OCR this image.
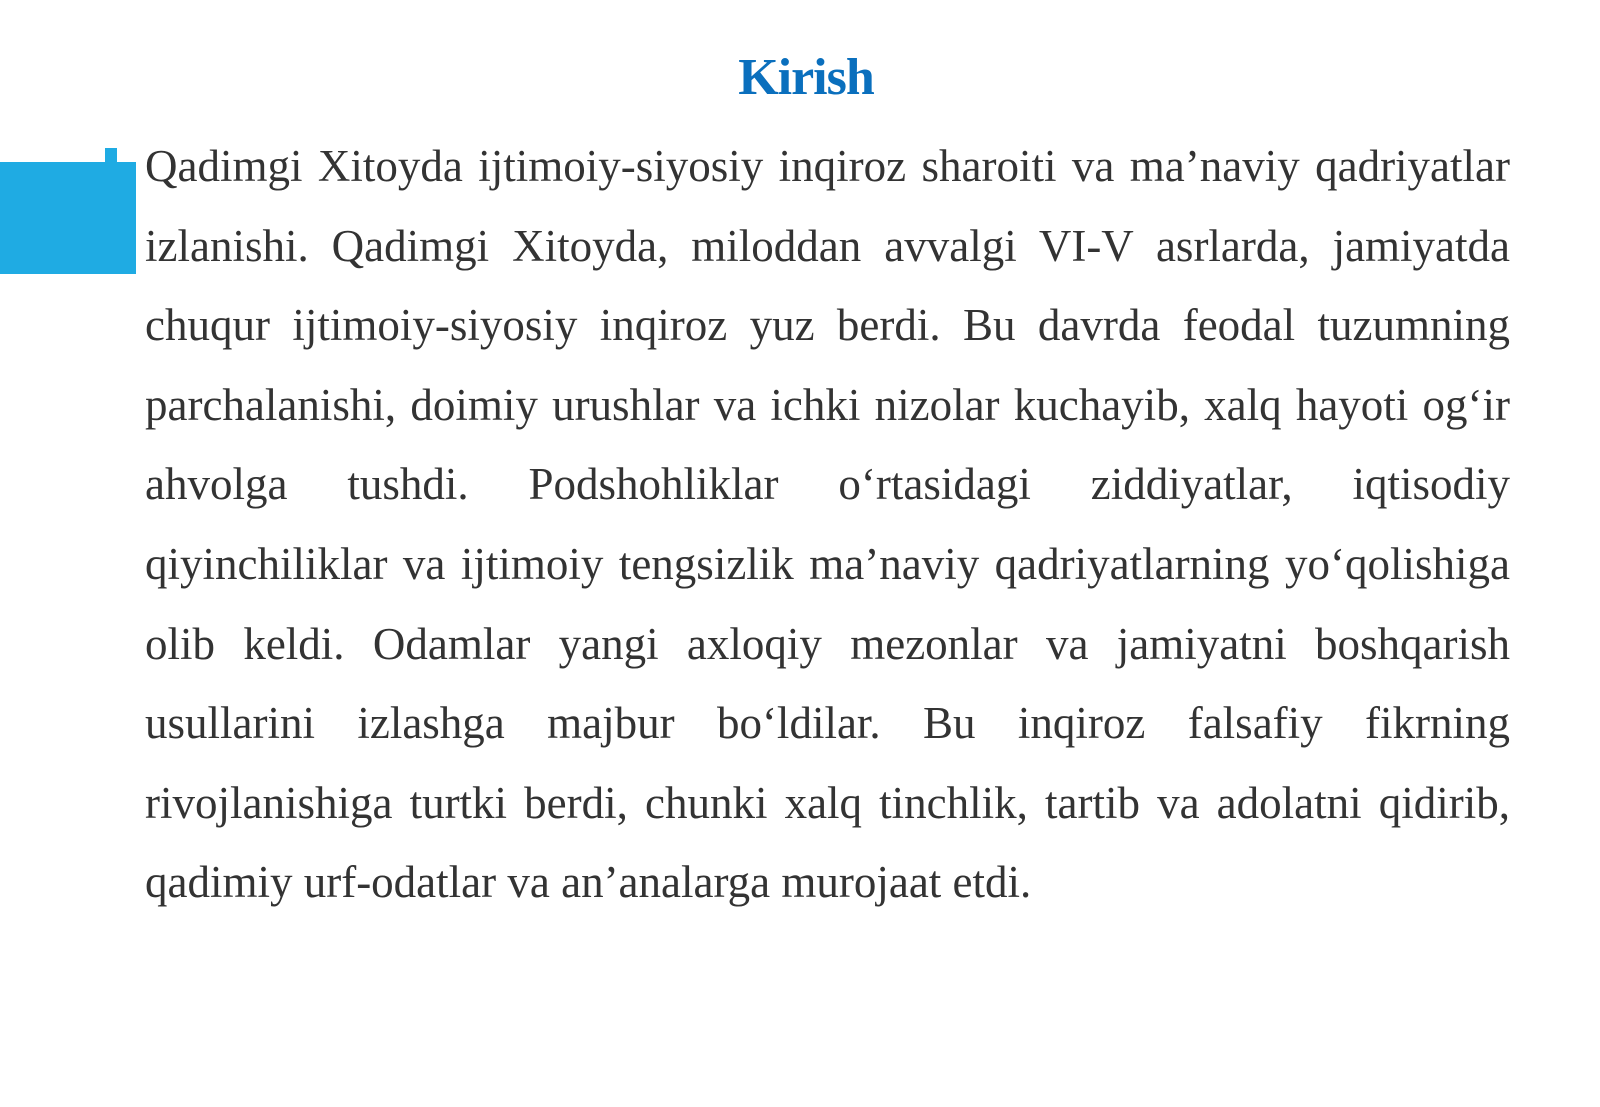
Kirish

Qadimgi Xitoyda ijtimoiy-siyosiy inqiroz sharoiti va ma’naviy qadriyatlar izlanishi. Qadimgi Xitoyda, miloddan avvalgi VI-V asrlarda, jamiyatda chuqur ijtimoiy-siyosiy inqiroz yuz berdi. Bu davrda feodal tuzumning parchalanishi, doimiy urushlar va ichki nizolar kuchayib, xalq hayoti og‘ir ahvolga tushdi. Podshohliklar o‘rtasidagi ziddiyatlar, iqtisodiy qiyinchiliklar va ijtimoiy tengsizlik ma’naviy qadriyatlarning yo‘qolishiga olib keldi. Odamlar yangi axloqiy mezonlar va jamiyatni boshqarish usullarini izlashga majbur bo‘ldilar. Bu inqiroz falsafiy fikrning rivojlanishiga turtki berdi, chunki xalq tinchlik, tartib va adolatni qidirib, qadimiy urf-odatlar va an’analarga murojaat etdi.
